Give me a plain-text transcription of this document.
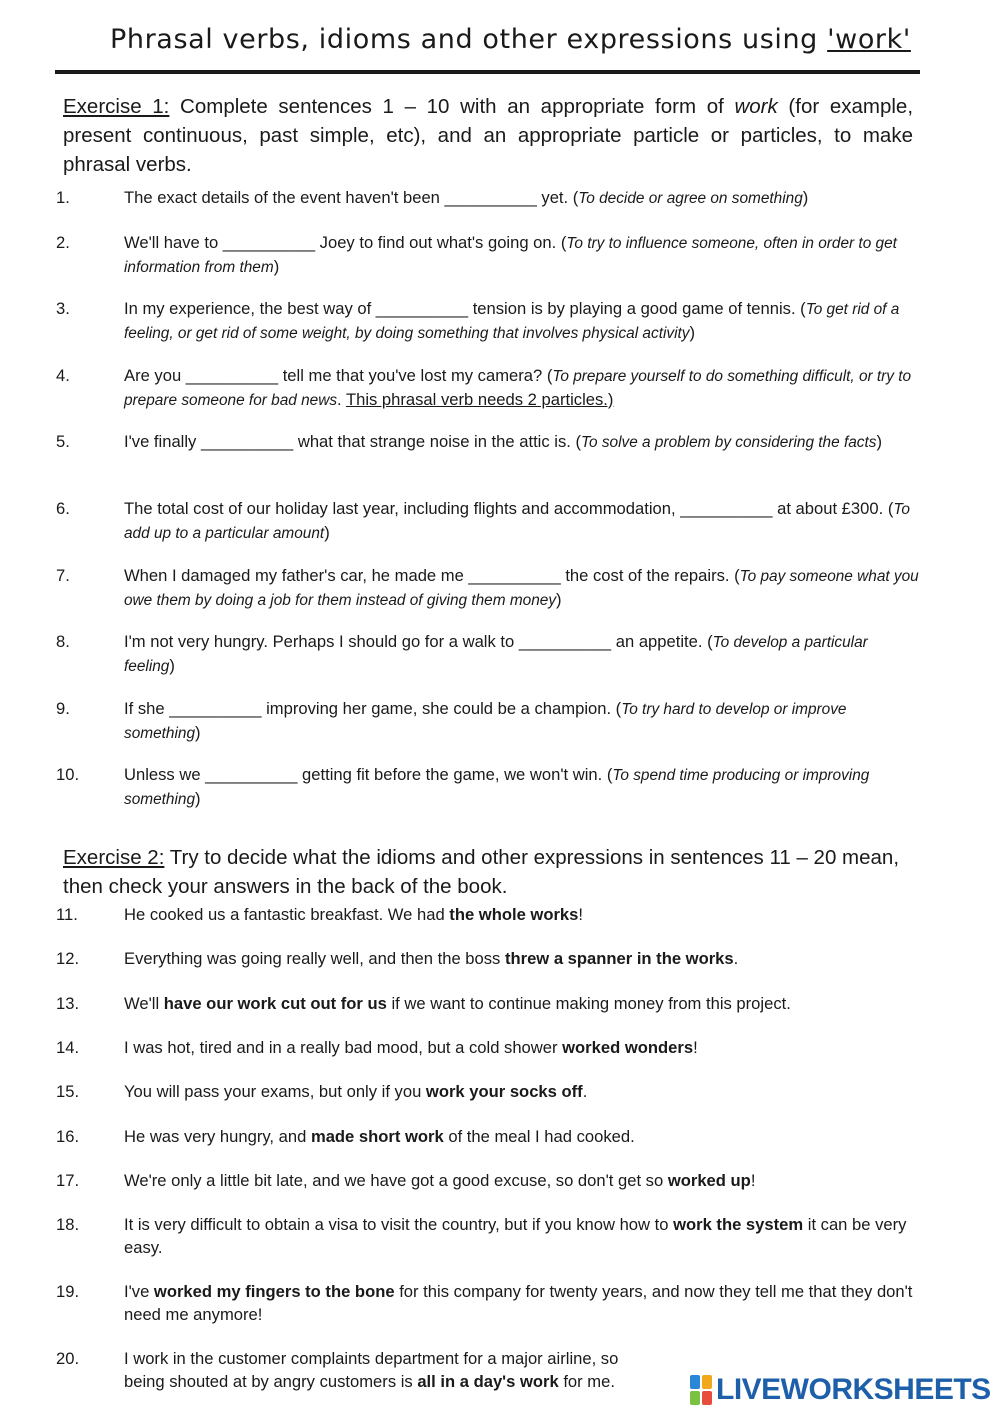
Phrasal verbs, idioms and other expressions using 'work'
Exercise 1: Complete sentences 1 – 10 with an appropriate form of work (for example, present continuous, past simple, etc), and an appropriate particle or particles, to make phrasal verbs.
1.	The exact details of the event haven't been __________ yet. (To decide or agree on something)
2.	We'll have to __________ Joey to find out what's going on. (To try to influence someone, often in order to get information from them)
3.	In my experience, the best way of __________ tension is by playing a good game of tennis. (To get rid of a feeling, or get rid of some weight, by doing something that involves physical activity)
4.	Are you __________ tell me that you've lost my camera? (To prepare yourself to do something difficult, or try to prepare someone for bad news. This phrasal verb needs 2 particles.)
5.	I've finally __________ what that strange noise in the attic is. (To solve a problem by considering the facts)
6.	The total cost of our holiday last year, including flights and accommodation, __________ at about £300. (To add up to a particular amount)
7.	When I damaged my father's car, he made me __________ the cost of the repairs. (To pay someone what you owe them by doing a job for them instead of giving them money)
8.	I'm not very hungry. Perhaps I should go for a walk to __________ an appetite. (To develop a particular feeling)
9.	If she __________ improving her game, she could be a champion. (To try hard to develop or improve something)
10.	Unless we __________ getting fit before the game, we won't win. (To spend time producing or improving something)
Exercise 2: Try to decide what the idioms and other expressions in sentences 11 – 20 mean, then check your answers in the back of the book.
11.	He cooked us a fantastic breakfast. We had the whole works!
12.	Everything was going really well, and then the boss threw a spanner in the works.
13.	We'll have our work cut out for us if we want to continue making money from this project.
14.	I was hot, tired and in a really bad mood, but a cold shower worked wonders!
15.	You will pass your exams, but only if you work your socks off.
16.	He was very hungry, and made short work of the meal I had cooked.
17.	We're only a little bit late, and we have got a good excuse, so don't get so worked up!
18.	It is very difficult to obtain a visa to visit the country, but if you know how to work the system it can be very easy.
19.	I've worked my fingers to the bone for this company for twenty years, and now they tell me that they don't need me anymore!
20.	I work in the customer complaints department for a major airline, so being shouted at by angry customers is all in a day's work for me.	LIVEWORKSHEETS
